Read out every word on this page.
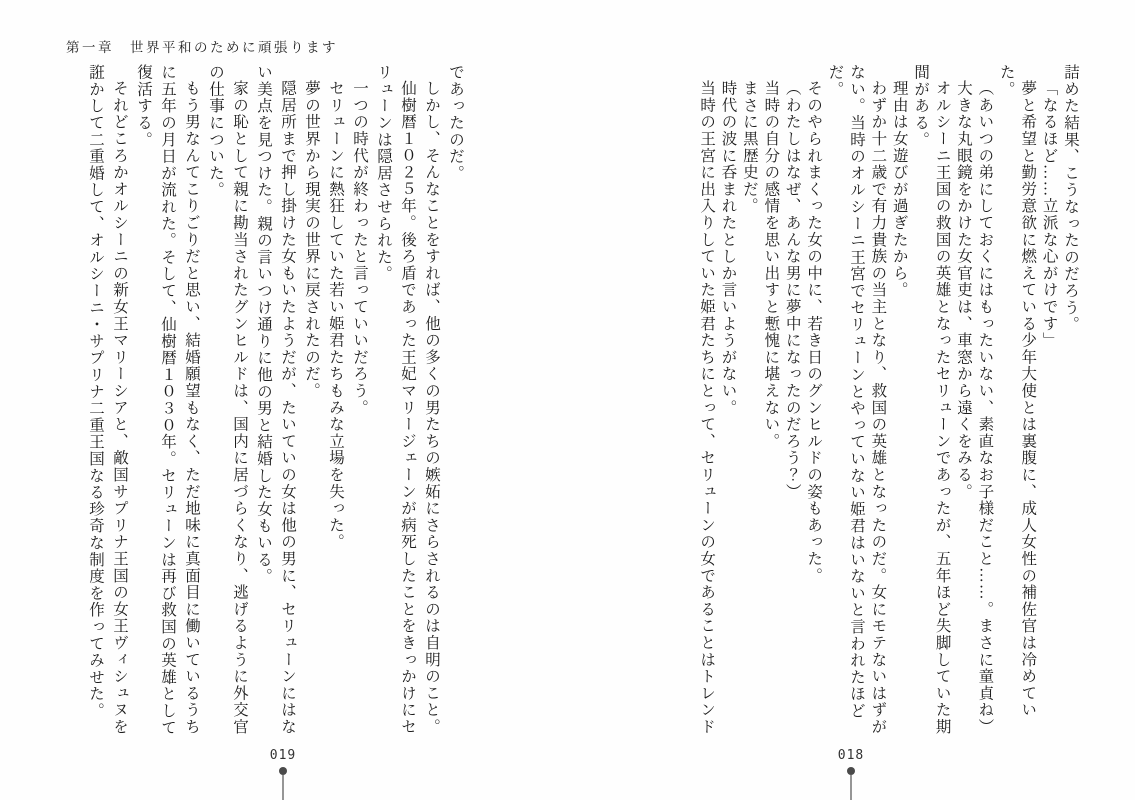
第一章　世界平和のために頑張ります

詰めた結果、こうなったのだろう。

「なるほど……立派な心がけです」

夢と希望と勤労意欲に燃えている少年大使とは裏腹に、成人女性の補佐官は冷めていた。

（あいつの弟にしておくにはもったいない、素直なお子様だこと……。まさに童貞ね）

大きな丸眼鏡をかけた女官吏は、車窓から遠くをみる。

オルシーニ王国の救国の英雄となったセリューンであったが、五年ほど失脚していた期間がある。

理由は女遊びが過ぎたから。

わずか十二歳で有力貴族の当主となり、救国の英雄となったのだ。女にモテないはずがない。当時のオルシーニ王宮でセリューンとやっていない姫君はいないと言われたほどだ。

そのやられまくった女の中に、若き日のグンヒルドの姿もあった。

（わたしはなぜ、あんな男に夢中になったのだろう？）

当時の自分の感情を思い出すと慙愧に堪えない。

まさに黒歴史だ。

時代の波に呑まれたとしか言いようがない。

当時の王宮に出入りしていた姫君たちにとって、セリューンの女であることはトレンド

であったのだ。

しかし、そんなことをすれば、他の多くの男たちの嫉妬にさらされるのは自明のこと。

仙樹暦１０２５年。後ろ盾であった王妃マリージェーンが病死したことをきっかけにセリューンは隠居させられた。

一つの時代が終わったと言っていいだろう。

セリューンに熱狂していた若い姫君たちもみな立場を失った。

夢の世界から現実の世界に戻されたのだ。

隠居所まで押し掛けた女もいたようだが、たいていの女は他の男に、セリューンにはない美点を見つけた。親の言いつけ通りに他の男と結婚した女もいる。

家の恥として親に勘当されたグンヒルドは、国内に居づらくなり、逃げるように外交官の仕事についた。

もう男なんてこりごりだと思い、結婚願望もなく、ただ地味に真面目に働いているうちに五年の月日が流れた。そして、仙樹暦１０３０年。セリューンは再び救国の英雄として復活する。

それどころかオルシーニの新女王マリーシアと、敵国サプリナ王国の女王ヴィシュヌを誑かして二重婚して、オルシーニ・サプリナ二重王国なる珍奇な制度を作ってみせた。

018
019
